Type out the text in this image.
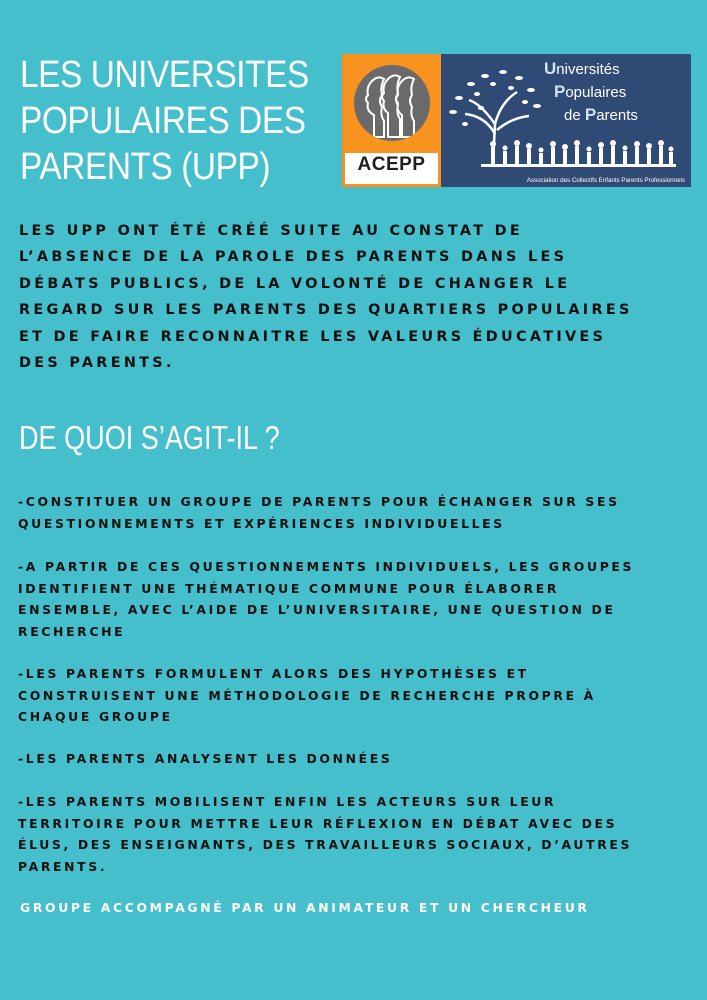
LES UNIVERSITES
POPULAIRES DES
PARENTS (UPP)	ACEPP
Universités
Populaires
de Parents
Association des Collectifs Enfants Parents Professionnels
LES UPP ONT ÉTÉ CRÉÉ SUITE AU CONSTAT DE
L’ABSENCE DE LA PAROLE DES PARENTS DANS LES
DÉBATS PUBLICS, DE LA VOLONTÉ DE CHANGER LE
REGARD SUR LES PARENTS DES QUARTIERS POPULAIRES
ET DE FAIRE RECONNAITRE LES VALEURS ÉDUCATIVES
DES PARENTS.
DE QUOI S’AGIT-IL ?
-CONSTITUER UN GROUPE DE PARENTS POUR ÉCHANGER SUR SES
QUESTIONNEMENTS ET EXPÉRIENCES INDIVIDUELLES
-A PARTIR DE CES QUESTIONNEMENTS INDIVIDUELS, LES GROUPES
IDENTIFIENT UNE THÉMATIQUE COMMUNE POUR ÉLABORER
ENSEMBLE, AVEC L’AIDE DE L’UNIVERSITAIRE, UNE QUESTION DE
RECHERCHE
-LES PARENTS FORMULENT ALORS DES HYPOTHÈSES ET
CONSTRUISENT UNE MÉTHODOLOGIE DE RECHERCHE PROPRE À
CHAQUE GROUPE
-LES PARENTS ANALYSENT LES DONNÉES
-LES PARENTS MOBILISENT ENFIN LES ACTEURS SUR LEUR
TERRITOIRE POUR METTRE LEUR RÉFLEXION EN DÉBAT AVEC DES
ÉLUS, DES ENSEIGNANTS, DES TRAVAILLEURS SOCIAUX, D’AUTRES
PARENTS.
GROUPE ACCOMPAGNÉ PAR UN ANIMATEUR ET UN CHERCHEUR
